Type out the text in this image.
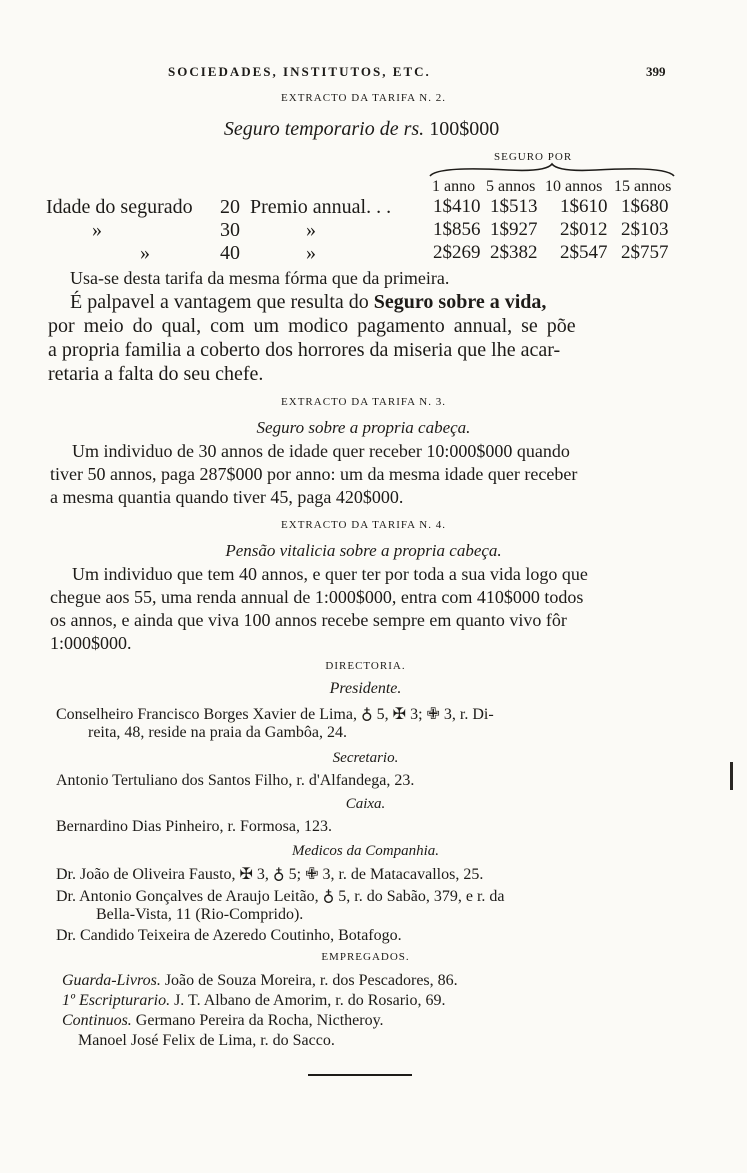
SOCIEDADES, INSTITUTOS, ETC.	399
EXTRACTO DA TARIFA N. 2.
Seguro temporario de rs. 100$000
SEGURO POR
1 anno 5 annos 10 annos 15 annos
Idade do segurado 20 Premio annual. . . 1$410 1$513 1$610 1$680
»	30	»	1$856 1$927 2$012 2$103
»	40	»	2$269 2$382 2$547 2$757
Usa-se desta tarifa da mesma fórma que da primeira.
É palpavel a vantagem que resulta do Seguro sobre a vida,
por meio do qual, com um modico pagamento annual, se põe
a propria familia a coberto dos horrores da miseria que lhe acar-
retaria a falta do seu chefe.
EXTRACTO DA TARIFA N. 3.
Seguro sobre a propria cabeça.
Um individuo de 30 annos de idade quer receber 10:000$000 quando
tiver 50 annos, paga 287$000 por anno: um da mesma idade quer receber
a mesma quantia quando tiver 45, paga 420$000.
EXTRACTO DA TARIFA N. 4.
Pensão vitalicia sobre a propria cabeça.
Um individuo que tem 40 annos, e quer ter por toda a sua vida logo que
chegue aos 55, uma renda annual de 1:000$000, entra com 410$000 todos
os annos, e ainda que viva 100 annos recebe sempre em quanto vivo fôr
1:000$000.
DIRECTORIA.
Presidente.
Conselheiro Francisco Borges Xavier de Lima, ♁ 5, ✠ 3; ✙ 3, r. Di-
reita, 48, reside na praia da Gambôa, 24.
Secretario.
Antonio Tertuliano dos Santos Filho, r. d'Alfandega, 23.
Caixa.
Bernardino Dias Pinheiro, r. Formosa, 123.
Medicos da Companhia.
Dr. João de Oliveira Fausto, ✠ 3, ♁ 5; ✙ 3, r. de Matacavallos, 25.
Dr. Antonio Gonçalves de Araujo Leitão, ♁ 5, r. do Sabão, 379, e r. da
Bella-Vista, 11 (Rio-Comprido).
Dr. Candido Teixeira de Azeredo Coutinho, Botafogo.
EMPREGADOS.
Guarda-Livros. João de Souza Moreira, r. dos Pescadores, 86.
1º Escripturario. J. T. Albano de Amorim, r. do Rosario, 69.
Continuos. Germano Pereira da Rocha, Nictheroy.
Manoel José Felix de Lima, r. do Sacco.
